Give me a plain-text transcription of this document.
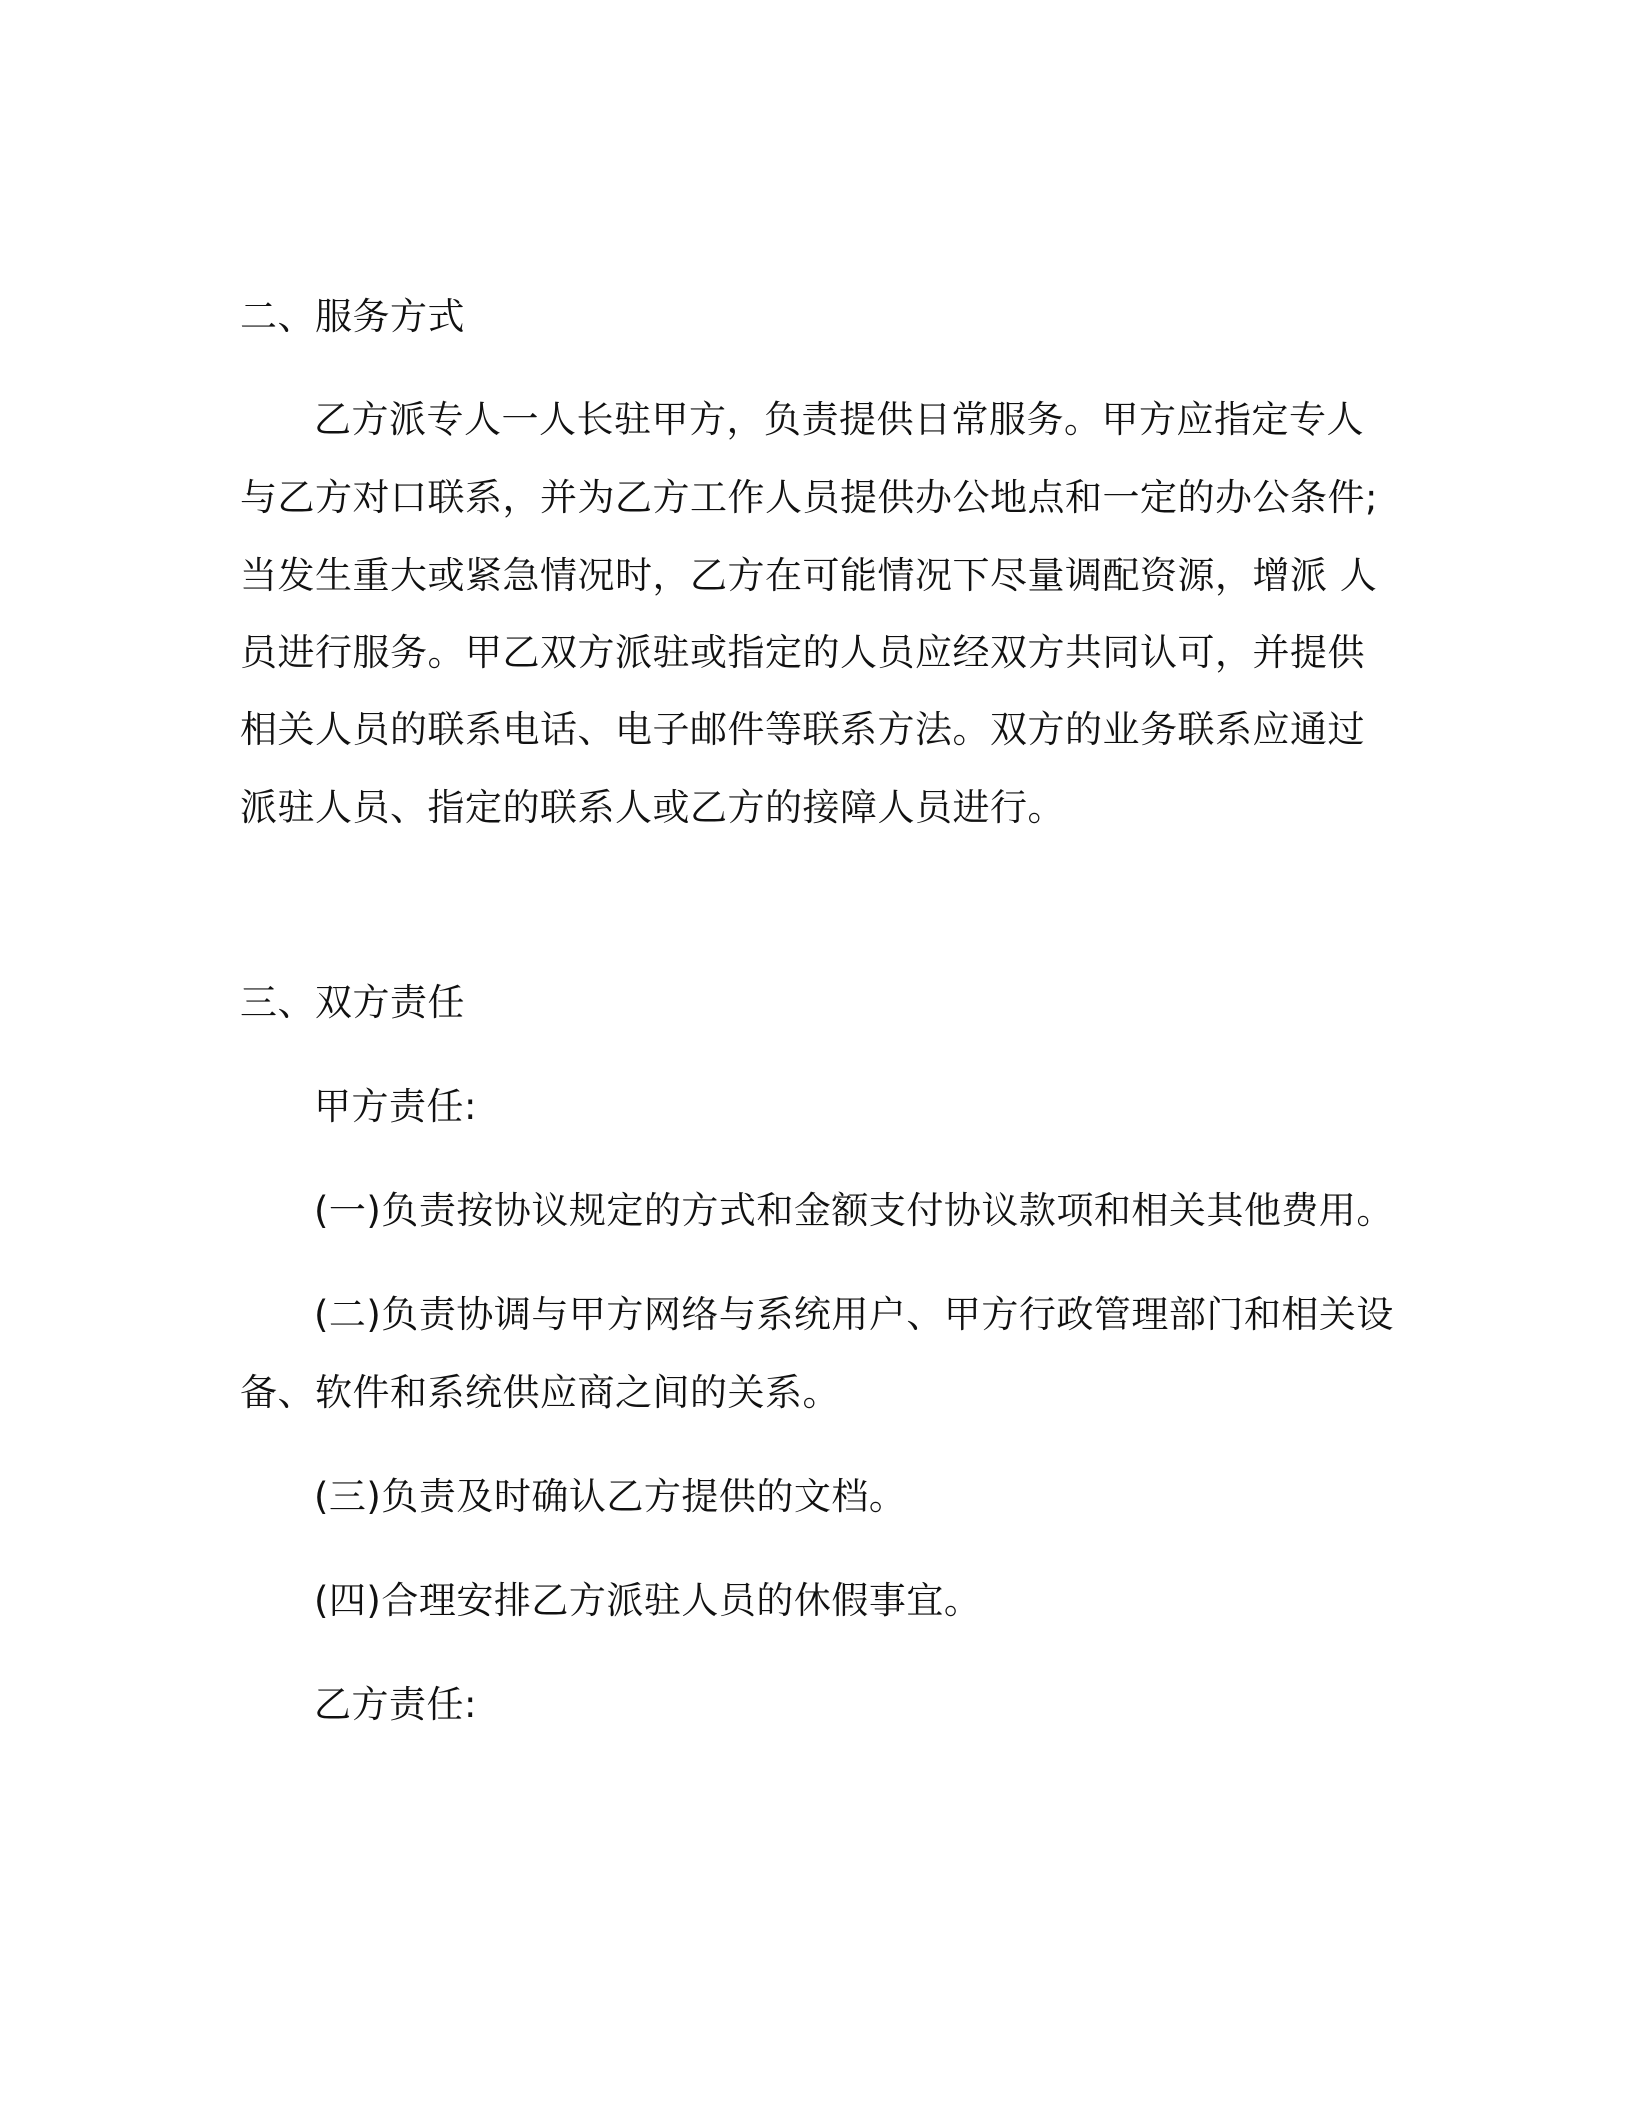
二、服务方式
乙方派专人一人长驻甲方，负责提供日常服务。甲方应指定专人
与乙方对口联系，并为乙方工作人员提供办公地点和一定的办公条件;
当发生重大或紧急情况时，乙方在可能情况下尽量调配资源，增派 人
员进行服务。甲乙双方派驻或指定的人员应经双方共同认可，并提供
相关人员的联系电话、电子邮件等联系方法。双方的业务联系应通过
派驻人员、指定的联系人或乙方的接障人员进行。
三、双方责任
甲方责任:
(一)负责按协议规定的方式和金额支付协议款项和相关其他费用。
(二)负责协调与甲方网络与系统用户、甲方行政管理部门和相关设
备、软件和系统供应商之间的关系。
(三)负责及时确认乙方提供的文档。
(四)合理安排乙方派驻人员的休假事宜。
乙方责任:
